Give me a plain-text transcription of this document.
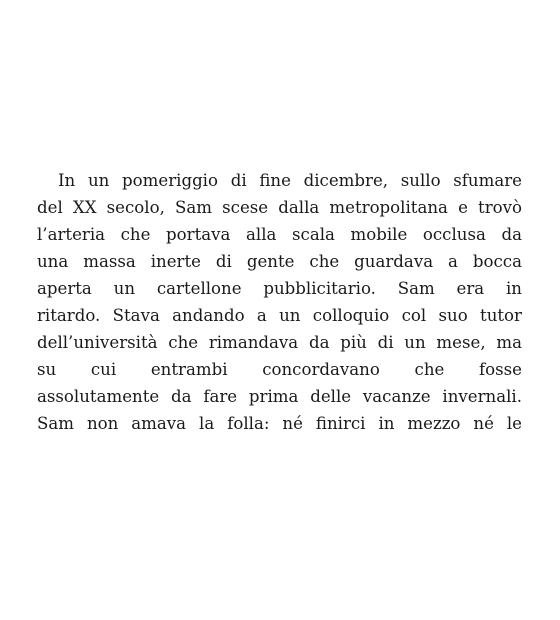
In un pomeriggio di fine dicembre, sullo sfumare
del XX secolo, Sam scese dalla metropolitana e trovò
l’arteria che portava alla scala mobile occlusa da
una massa inerte di gente che guardava a bocca
aperta un cartellone pubblicitario. Sam era in
ritardo. Stava andando a un colloquio col suo tutor
dell’università che rimandava da più di un mese, ma
su cui entrambi concordavano che fosse
assolutamente da fare prima delle vacanze invernali.
Sam non amava la folla: né finirci in mezzo né le
